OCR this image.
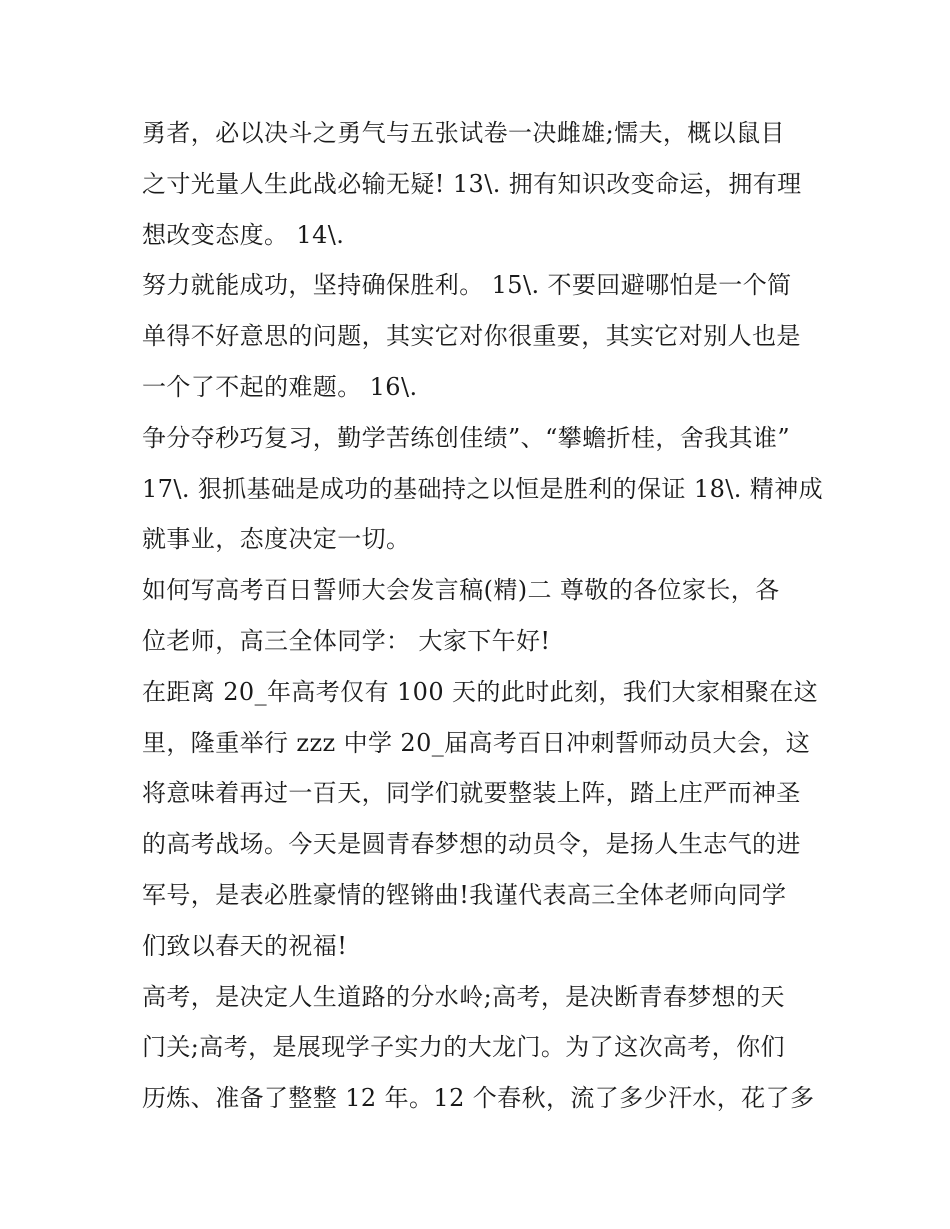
勇者，必以决斗之勇气与五张试卷一决雌雄;懦夫，概以鼠目
之寸光量人生此战必输无疑! 13\. 拥有知识改变命运，拥有理
想改变态度。 14\.
努力就能成功，坚持确保胜利。 15\. 不要回避哪怕是一个简
单得不好意思的问题，其实它对你很重要，其实它对别人也是
一个了不起的难题。 16\.
争分夺秒巧复习，勤学苦练创佳绩”、“攀蟾折桂，舍我其谁”
17\. 狠抓基础是成功的基础持之以恒是胜利的保证 18\. 精神成
就事业，态度决定一切。
如何写高考百日誓师大会发言稿(精)二 尊敬的各位家长，各
位老师，高三全体同学： 大家下午好!
在距离 20_年高考仅有 100 天的此时此刻，我们大家相聚在这
里，隆重举行 zzz 中学 20_届高考百日冲刺誓师动员大会，这
将意味着再过一百天，同学们就要整装上阵，踏上庄严而神圣
的高考战场。今天是圆青春梦想的动员令，是扬人生志气的进
军号，是表必胜豪情的铿锵曲!我谨代表高三全体老师向同学
们致以春天的祝福!
高考，是决定人生道路的分水岭;高考，是决断青春梦想的天
门关;高考，是展现学子实力的大龙门。为了这次高考，你们
历炼、准备了整整 12 年。12 个春秋，流了多少汗水，花了多
